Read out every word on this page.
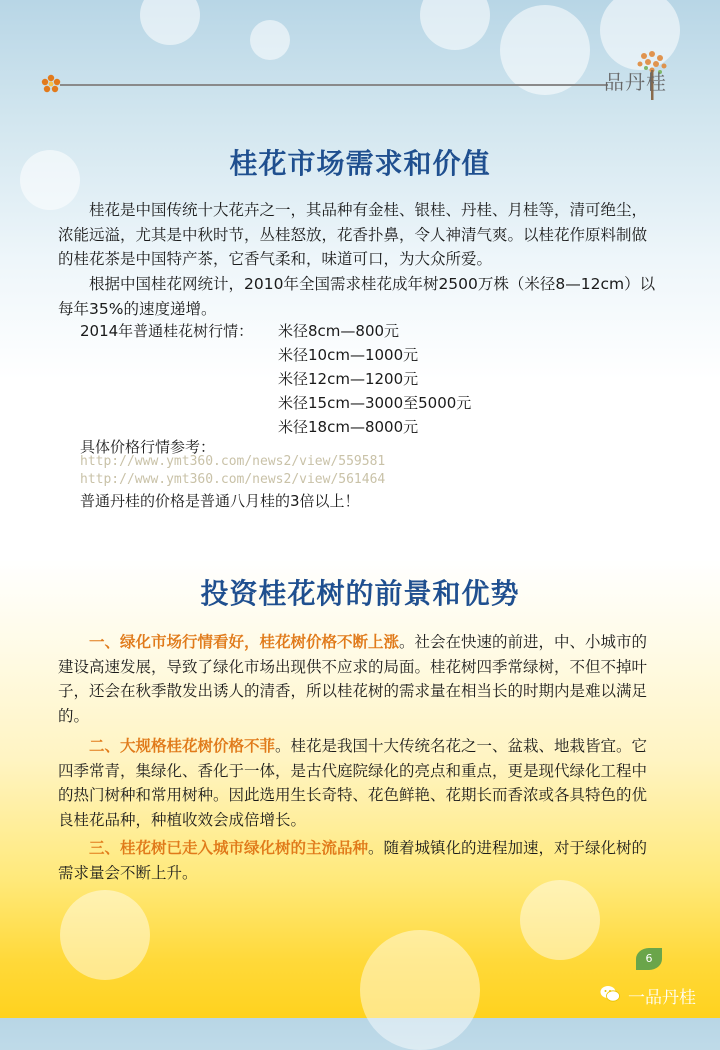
品丹桂
桂花市场需求和价值

桂花是中国传统十大花卉之一，其品种有金桂、银桂、丹桂、月桂等，清可绝尘，浓能远溢，尤其是中秋时节，丛桂怒放，花香扑鼻，令人神清气爽。以桂花作原料制做的桂花茶是中国特产茶，它香气柔和，味道可口，为大众所爱。

根据中国桂花网统计，2010年全国需求桂花成年树2500万株（米径8—12cm）以每年35%的速度递增。

2014年普通桂花树行情： 米径8cm—800元
米径10cm—1000元
米径12cm—1200元
米径15cm—3000至5000元
米径18cm—8000元
具体价格行情参考：
http://www.ymt360.com/news2/view/559581
http://www.ymt360.com/news2/view/561464
普通丹桂的价格是普通八月桂的3倍以上！
投资桂花树的前景和优势

一、绿化市场行情看好，桂花树价格不断上涨。社会在快速的前进，中、小城市的建设高速发展，导致了绿化市场出现供不应求的局面。桂花树四季常绿树，不但不掉叶子，还会在秋季散发出诱人的清香，所以桂花树的需求量在相当长的时期内是难以满足的。

二、大规格桂花树价格不菲。桂花是我国十大传统名花之一、盆栽、地栽皆宜。它四季常青，集绿化、香化于一体，是古代庭院绿化的亮点和重点，更是现代绿化工程中的热门树种和常用树种。因此选用生长奇特、花色鲜艳、花期长而香浓或各具特色的优良桂花品种，种植收效会成倍增长。

三、桂花树已走入城市绿化树的主流品种。随着城镇化的进程加速，对于绿化树的需求量会不断上升。

6
一品丹桂
